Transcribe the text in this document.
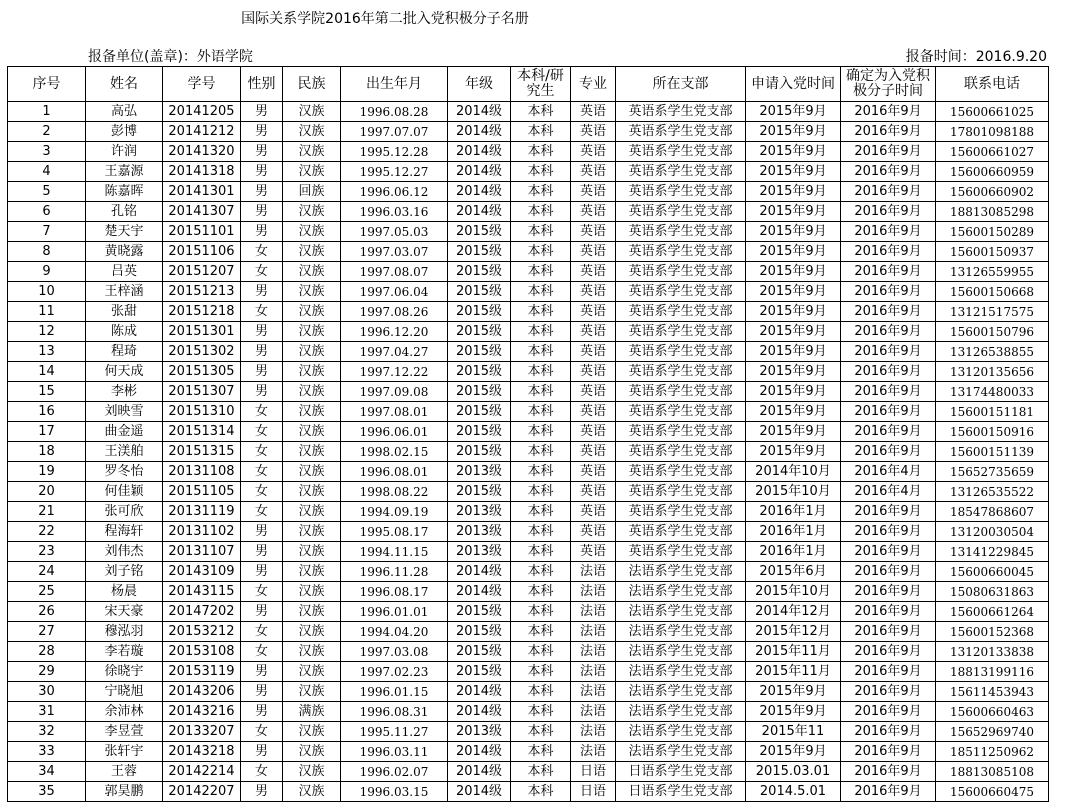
国际关系学院2016年第二批入党积极分子名册
报备单位(盖章)：外语学院	报备时间：2016.9.20
序号	姓名	学号	性别	民族	出生年月	年级	本科/研究生	专业	所在支部	申请入党时间	确定为入党积极分子时间	联系电话
1	高弘	20141205	男	汉族	1996.08.28	2014级	本科	英语	英语系学生党支部	2015年9月	2016年9月	15600661025
2	彭博	20141212	男	汉族	1997.07.07	2014级	本科	英语	英语系学生党支部	2015年9月	2016年9月	17801098188
3	许润	20141320	男	汉族	1995.12.28	2014级	本科	英语	英语系学生党支部	2015年9月	2016年9月	15600661027
4	王嘉源	20141318	男	汉族	1995.12.27	2014级	本科	英语	英语系学生党支部	2015年9月	2016年9月	15600660959
5	陈嘉晖	20141301	男	回族	1996.06.12	2014级	本科	英语	英语系学生党支部	2015年9月	2016年9月	15600660902
6	孔铭	20141307	男	汉族	1996.03.16	2014级	本科	英语	英语系学生党支部	2015年9月	2016年9月	18813085298
7	楚天宇	20151101	男	汉族	1997.05.03	2015级	本科	英语	英语系学生党支部	2015年9月	2016年9月	15600150289
8	黄晓露	20151106	女	汉族	1997.03.07	2015级	本科	英语	英语系学生党支部	2015年9月	2016年9月	15600150937
9	吕英	20151207	女	汉族	1997.08.07	2015级	本科	英语	英语系学生党支部	2015年9月	2016年9月	13126559955
10	王梓涵	20151213	男	汉族	1997.06.04	2015级	本科	英语	英语系学生党支部	2015年9月	2016年9月	15600150668
11	张甜	20151218	女	汉族	1997.08.26	2015级	本科	英语	英语系学生党支部	2015年9月	2016年9月	13121517575
12	陈成	20151301	男	汉族	1996.12.20	2015级	本科	英语	英语系学生党支部	2015年9月	2016年9月	15600150796
13	程琦	20151302	男	汉族	1997.04.27	2015级	本科	英语	英语系学生党支部	2015年9月	2016年9月	13126538855
14	何天成	20151305	男	汉族	1997.12.22	2015级	本科	英语	英语系学生党支部	2015年9月	2016年9月	13120135656
15	李彬	20151307	男	汉族	1997.09.08	2015级	本科	英语	英语系学生党支部	2015年9月	2016年9月	13174480033
16	刘映雪	20151310	女	汉族	1997.08.01	2015级	本科	英语	英语系学生党支部	2015年9月	2016年9月	15600151181
17	曲金遥	20151314	女	汉族	1996.06.01	2015级	本科	英语	英语系学生党支部	2015年9月	2016年9月	15600150916
18	王渼舶	20151315	女	汉族	1998.02.15	2015级	本科	英语	英语系学生党支部	2015年9月	2016年9月	15600151139
19	罗冬怡	20131108	女	汉族	1996.08.01	2013级	本科	英语	英语系学生党支部	2014年10月	2016年4月	15652735659
20	何佳颖	20151105	女	汉族	1998.08.22	2015级	本科	英语	英语系学生党支部	2015年10月	2016年4月	13126535522
21	张可欣	20131119	女	汉族	1994.09.19	2013级	本科	英语	英语系学生党支部	2016年1月	2016年9月	18547868607
22	程海轩	20131102	男	汉族	1995.08.17	2013级	本科	英语	英语系学生党支部	2016年1月	2016年9月	13120030504
23	刘伟杰	20131107	男	汉族	1994.11.15	2013级	本科	英语	英语系学生党支部	2016年1月	2016年9月	13141229845
24	刘子铭	20143109	男	汉族	1996.11.28	2014级	本科	法语	法语系学生党支部	2015年6月	2016年9月	15600660045
25	杨晨	20143115	女	汉族	1996.08.17	2014级	本科	法语	法语系学生党支部	2015年10月	2016年9月	15080631863
26	宋天豪	20147202	男	汉族	1996.01.01	2015级	本科	法语	法语系学生党支部	2014年12月	2016年9月	15600661264
27	穆泓羽	20153212	女	汉族	1994.04.20	2015级	本科	法语	法语系学生党支部	2015年12月	2016年9月	15600152368
28	李若璇	20153108	女	汉族	1997.03.08	2015级	本科	法语	法语系学生党支部	2015年11月	2016年9月	13120133838
29	徐晓宇	20153119	男	汉族	1997.02.23	2015级	本科	法语	法语系学生党支部	2015年11月	2016年9月	18813199116
30	宁晓旭	20143206	男	汉族	1996.01.15	2014级	本科	法语	法语系学生党支部	2015年9月	2016年9月	15611453943
31	余沛林	20143216	男	满族	1996.08.31	2014级	本科	法语	法语系学生党支部	2015年9月	2016年9月	15600660463
32	李昱萱	20133207	女	汉族	1995.11.27	2013级	本科	法语	法语系学生党支部	2015年11	2016年9月	15652969740
33	张轩宇	20143218	男	汉族	1996.03.11	2014级	本科	法语	法语系学生党支部	2015年9月	2016年9月	18511250962
34	王蓉	20142214	女	汉族	1996.02.07	2014级	本科	日语	日语系学生党支部	2015.03.01	2016年9月	18813085108
35	郭昊鹏	20142207	男	汉族	1996.03.15	2014级	本科	日语	日语系学生党支部	2014.5.01	2016年9月	15600660475
